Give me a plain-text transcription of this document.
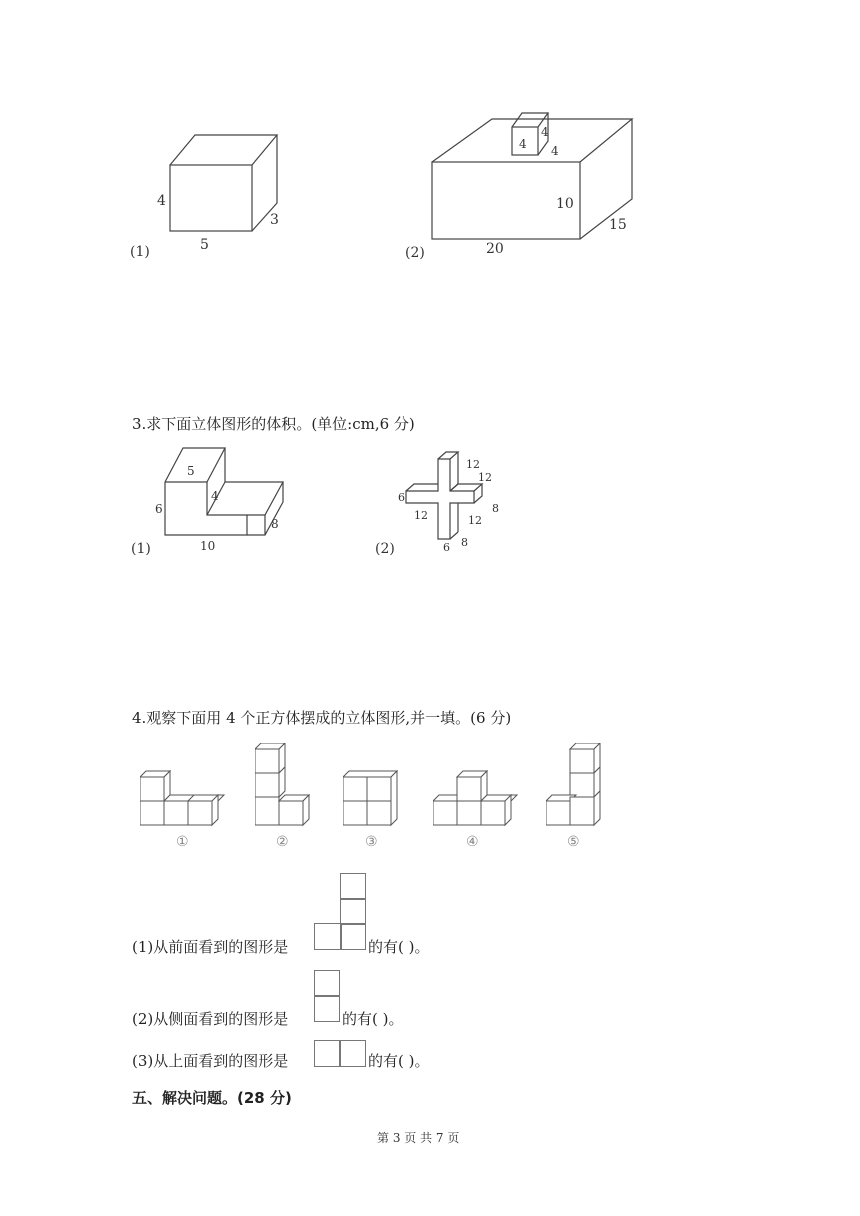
4
3
5
(1)
4
4
4
10
15
20
(2)
3.求下面立体图形的体积。(单位:cm,6 分)
5
4
6
8
10
(1)
12
12
6
8
12	12
6 8
(2)
4.观察下面用 4 个正方体摆成的立体图形,并一填。(6 分)
①	②	③	④	⑤
(1)从前面看到的图形是	的有( )。
(2)从侧面看到的图形是	的有( )。
(3)从上面看到的图形是	的有( )。
五、解决问题。(28 分)
第 3 页 共 7 页
